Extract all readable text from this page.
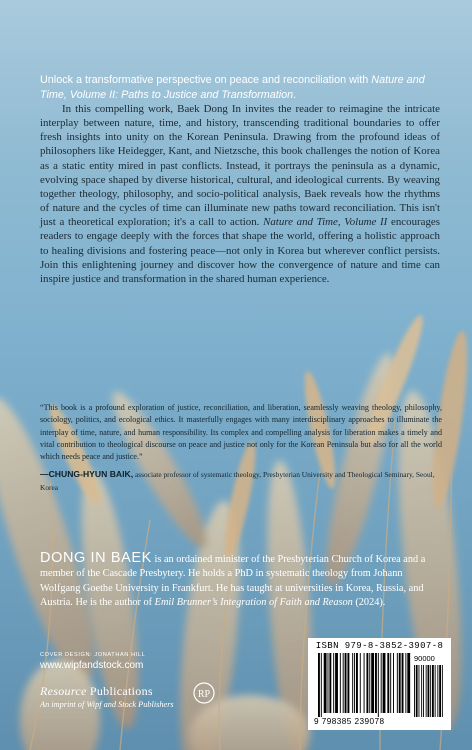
Unlock a transformative perspective on peace and reconciliation with Nature and Time, Volume II: Paths to Justice and Transformation.

In this compelling work, Baek Dong In invites the reader to reimagine the intricate interplay between nature, time, and history, transcending traditional boundaries to offer fresh insights into unity on the Korean Peninsula. Drawing from the profound ideas of philosophers like Heidegger, Kant, and Nietzsche, this book challenges the notion of Korea as a static entity mired in past conflicts. Instead, it portrays the peninsula as a dynamic, evolving space shaped by diverse historical, cultural, and ideological currents. By weaving together theology, philosophy, and socio-political analysis, Baek reveals how the rhythms of nature and the cycles of time can illuminate new paths toward reconciliation. This isn't just a theoretical exploration; it's a call to action. Nature and Time, Volume II encourages readers to engage deeply with the forces that shape the world, offering a holistic approach to healing divisions and fostering peace—not only in Korea but wherever conflict persists. Join this enlightening journey and discover how the convergence of nature and time can inspire justice and transformation in the shared human experience.

“This book is a profound exploration of justice, reconciliation, and liberation, seamlessly weaving theology, philosophy, sociology, politics, and ecological ethics. It masterfully engages with many interdisciplinary approaches to illuminate the interplay of time, nature, and human responsibility. Its complex and compelling analysis for liberation makes a timely and vital contribution to theological discourse on peace and justice not only for the Korean Peninsula but also for all the world which needs peace and justice.”

—CHUNG-HYUN BAIK, associate professor of systematic theology, Presbyterian University and Theological Seminary, Seoul, Korea

DONG IN BAEK is an ordained minister of the Presbyterian Church of Korea and a member of the Cascade Presbytery. He holds a PhD in systematic theology from Johann Wolfgang Goethe University in Frankfurt. He has taught at universities in Korea, Russia, and Austria. He is the author of Emil Brunner’s Integration of Faith and Reason (2024).

COVER DESIGN: JONATHAN HILL
www.wipfandstock.com
Resource Publications
An imprint of Wipf and Stock Publishers
RP
ISBN 979-8-3852-3907-8
90000
9 798385 239078
